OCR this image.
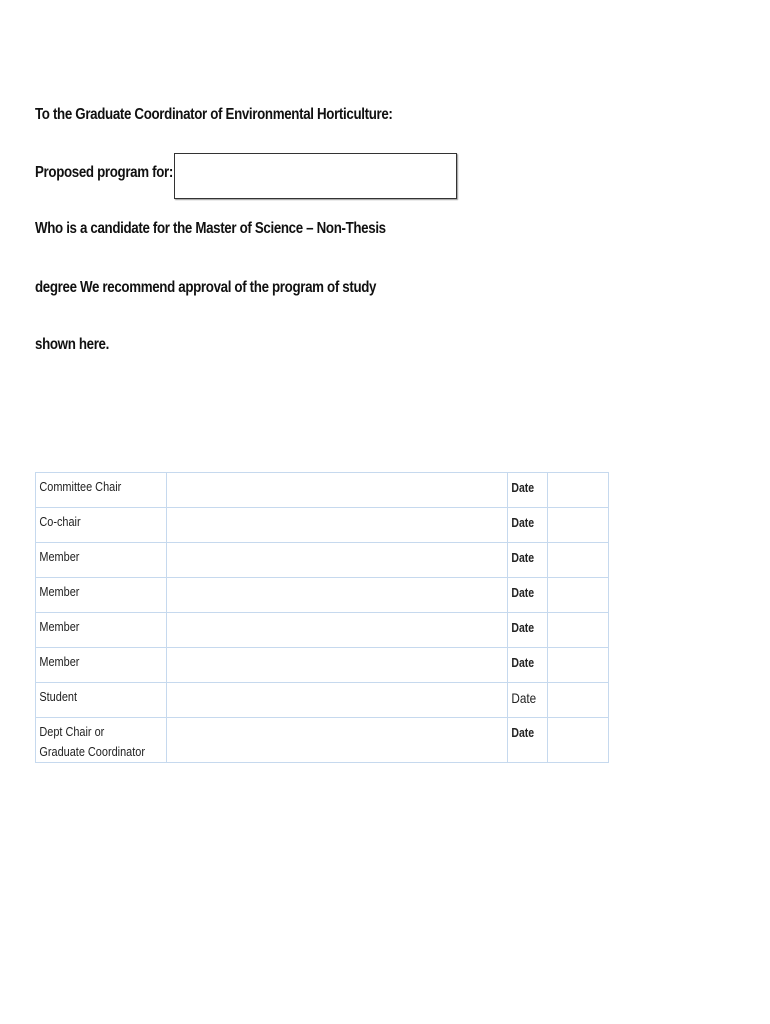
To the Graduate Coordinator of Environmental Horticulture:
Proposed program for:
Who is a candidate for the Master of Science – Non-Thesis
degree We recommend approval of the program of study
shown here.
Committee Chair		Date	

Co-chair		Date	

Member		Date	

Member		Date	

Member		Date	

Member		Date	

Student		Date	

Dept Chair or
Graduate Coordinator		Date	
